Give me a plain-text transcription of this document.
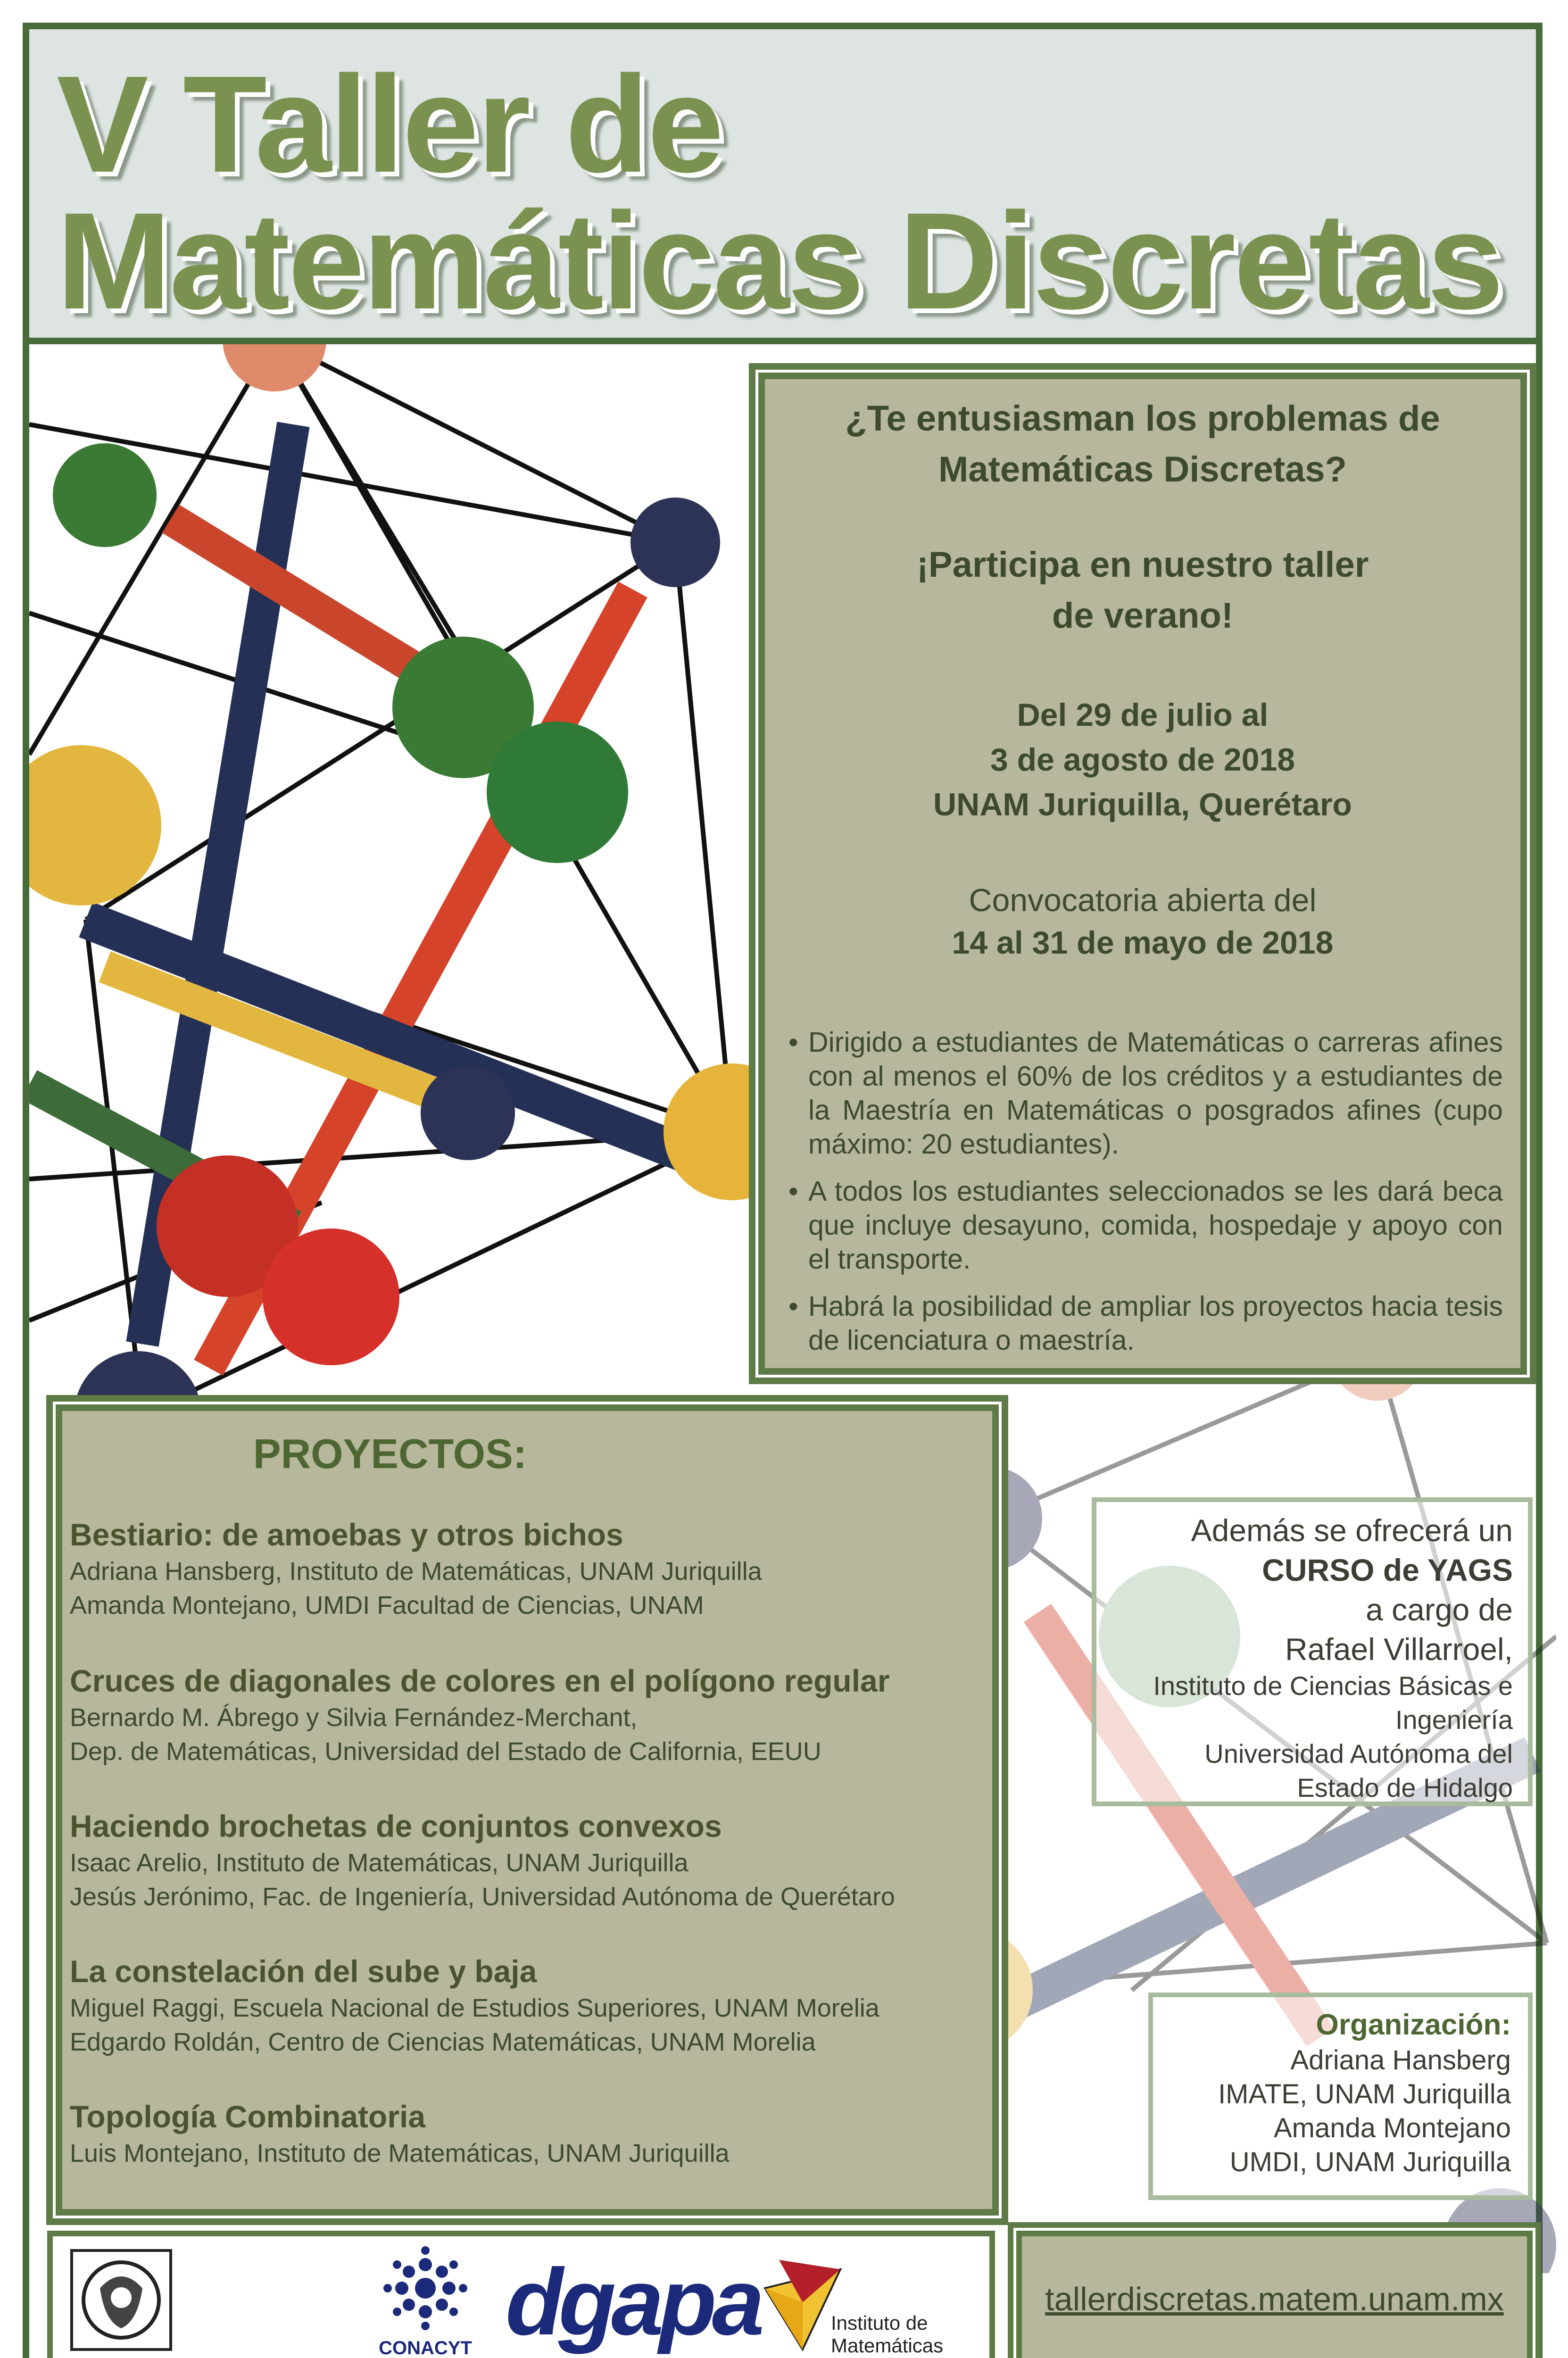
V Taller de
Matemáticas Discretas
¿Te entusiasman los problemas de
Matemáticas Discretas?
¡Participa en nuestro taller
de verano!
Del 29 de julio al
3 de agosto de 2018
UNAM Juriquilla, Querétaro
Convocatoria abierta del
14 al 31 de mayo de 2018
• Dirigido a estudiantes de Matemáticas o carreras afines con al menos el 60% de los créditos y a estudiantes de la Maestría en Matemáticas o posgrados afines (cupo máximo: 20 estudiantes).
• A todos los estudiantes seleccionados se les dará beca que incluye desayuno, comida, hospedaje y apoyo con el transporte.
• Habrá la posibilidad de ampliar los proyectos hacia tesis de licenciatura o maestría.
PROYECTOS:
Bestiario: de amoebas y otros bichos
Adriana Hansberg, Instituto de Matemáticas, UNAM Juriquilla
Amanda Montejano, UMDI Facultad de Ciencias, UNAM
Cruces de diagonales de colores en el polígono regular
Bernardo M. Ábrego y Silvia Fernández-Merchant,
Dep. de Matemáticas, Universidad del Estado de California, EEUU
Haciendo brochetas de conjuntos convexos
Isaac Arelio, Instituto de Matemáticas, UNAM Juriquilla
Jesús Jerónimo, Fac. de Ingeniería, Universidad Autónoma de Querétaro
La constelación del sube y baja
Miguel Raggi, Escuela Nacional de Estudios Superiores, UNAM Morelia
Edgardo Roldán, Centro de Ciencias Matemáticas, UNAM Morelia
Topología Combinatoria
Luis Montejano, Instituto de Matemáticas, UNAM Juriquilla
Además se ofrecerá un
CURSO de YAGS
a cargo de
Rafael Villarroel,
Instituto de Ciencias Básicas e
Ingeniería
Universidad Autónoma del
Estado de Hidalgo
Organización:
Adriana Hansberg
IMATE, UNAM Juriquilla
Amanda Montejano
UMDI, UNAM Juriquilla
CONACYT dgapa	Instituto de
Matemáticas
tallerdiscretas.matem.unam.mx
